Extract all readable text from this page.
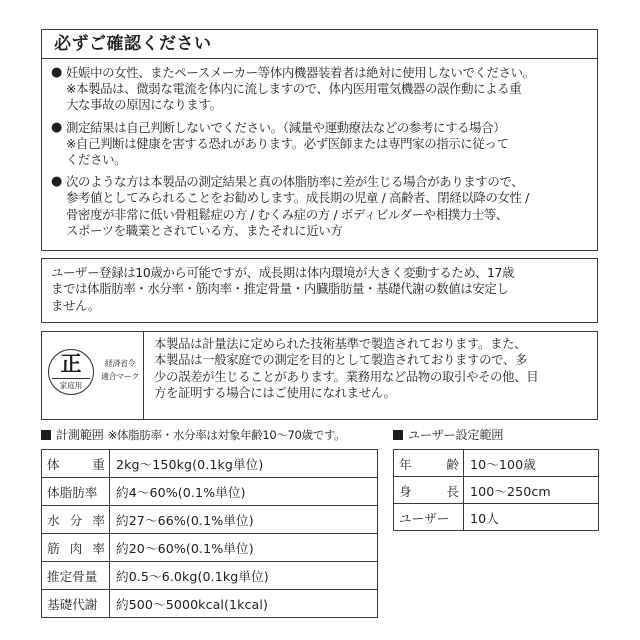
必ずご確認ください
● 妊娠中の女性、またペースメーカー等体内機器装着者は絶対に使用しないでください。
※本製品は、微弱な電流を体内に流しますので、体内医用電気機器の誤作動による重
大な事故の原因になります。
● 測定結果は自己判断しないでください。（減量や運動療法などの参考にする場合）
※自己判断は健康を害する恐れがあります。必ず医師または専門家の指示に従って
ください。
● 次のような方は本製品の測定結果と真の体脂肪率に差が生じる場合がありますので、
参考値としてみられることをお勧めします。成長期の児童 / 高齢者、閉経以降の女性 /
骨密度が非常に低い骨粗鬆症の方 / むくみ症の方 / ボディビルダーや相撲力士等、
スポーツを職業とされている方、またそれに近い方
ユーザー登録は10歳から可能ですが、成長期は体内環境が大きく変動するため、17歳
までは体脂肪率・水分率・筋肉率・推定骨量・内臓脂肪量・基礎代謝の数値は安定し
ません。
正
家庭用
経済省令
適合マーク
本製品は計量法に定められた技術基準で製造されております。また、
本製品は一般家庭での測定を目的として製造されておりますので、多
少の誤差が生じることがあります。業務用など品物の取引やその他、目
方を証明する場合にはご使用になれません。
計測範囲 ※体脂肪率・水分率は対象年齢10〜70歳です。	ユーザー設定範囲
体 重	2kg〜150kg(0.1kg単位)

体脂肪率	約4〜60%(0.1%単位)

水 分 率	約27〜66%(0.1%単位)

筋 肉 率	約20〜60%(0.1%単位)

推定骨量	約0.5〜6.0kg(0.1kg単位)

基礎代謝	約500〜5000kcal(1kcal)
年 齢	10〜100歳

身 長	100〜250cm

ユーザー	10人
